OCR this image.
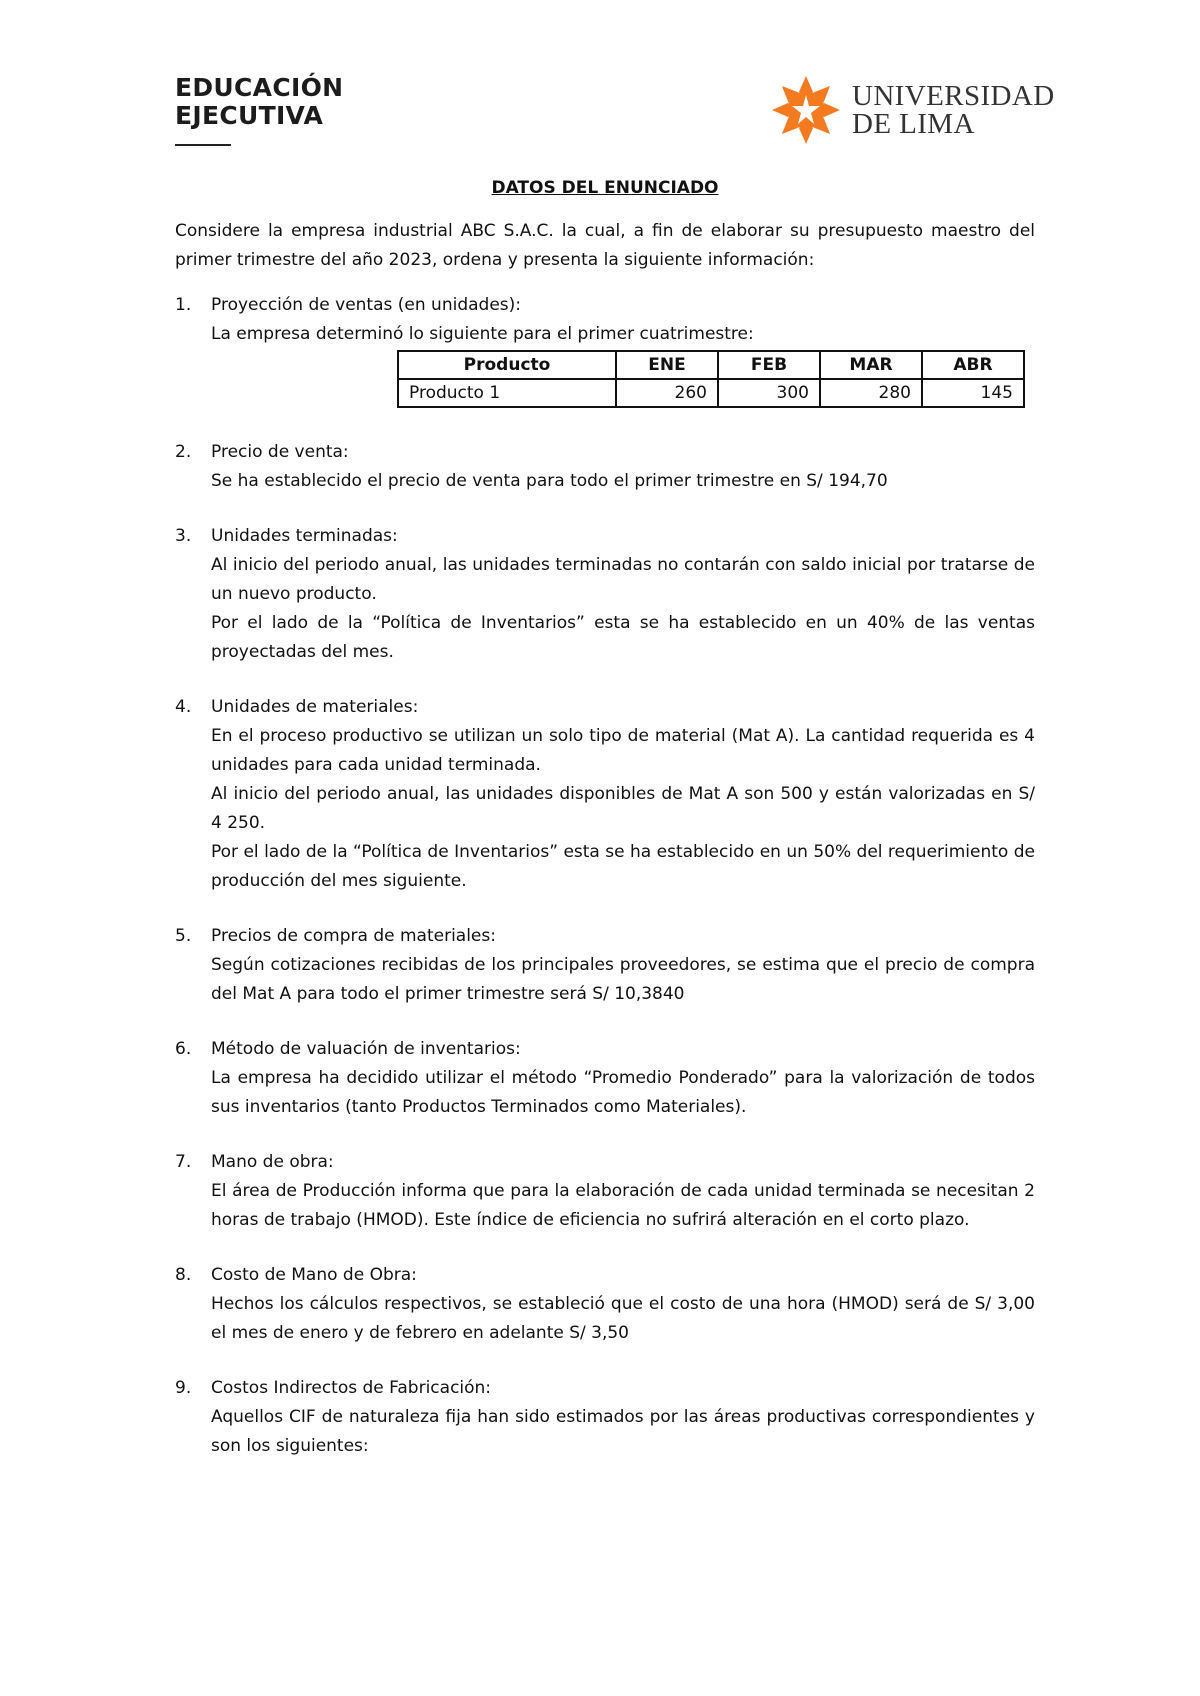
EDUCACIÓN
EJECUTIVA
UNIVERSIDAD
DE LIMA
DATOS DEL ENUNCIADO

Considere la empresa industrial ABC S.A.C. la cual, a fin de elaborar su presupuesto maestro del primer trimestre del año 2023, ordena y presenta la siguiente información:

1. Proyección de ventas (en unidades):

La empresa determinó lo siguiente para el primer cuatrimestre:

Producto	ENE	FEB	MAR	ABR
Producto 1	260	300	280	145
2. Precio de venta:

Se ha establecido el precio de venta para todo el primer trimestre en S/ 194,70

3. Unidades terminadas:

Al inicio del periodo anual, las unidades terminadas no contarán con saldo inicial por tratarse de un nuevo producto.

Por el lado de la “Política de Inventarios” esta se ha establecido en un 40% de las ventas proyectadas del mes.

4. Unidades de materiales:

En el proceso productivo se utilizan un solo tipo de material (Mat A). La cantidad requerida es 4 unidades para cada unidad terminada.

Al inicio del periodo anual, las unidades disponibles de Mat A son 500 y están valorizadas en S/ 4 250.

Por el lado de la “Política de Inventarios” esta se ha establecido en un 50% del requerimiento de producción del mes siguiente.

5. Precios de compra de materiales:

Según cotizaciones recibidas de los principales proveedores, se estima que el precio de compra del Mat A para todo el primer trimestre será S/ 10,3840

6. Método de valuación de inventarios:

La empresa ha decidido utilizar el método “Promedio Ponderado” para la valorización de todos sus inventarios (tanto Productos Terminados como Materiales).

7. Mano de obra:

El área de Producción informa que para la elaboración de cada unidad terminada se necesitan 2 horas de trabajo (HMOD). Este índice de eficiencia no sufrirá alteración en el corto plazo.

8. Costo de Mano de Obra:

Hechos los cálculos respectivos, se estableció que el costo de una hora (HMOD) será de S/ 3,00 el mes de enero y de febrero en adelante S/ 3,50

9. Costos Indirectos de Fabricación:

Aquellos CIF de naturaleza fija han sido estimados por las áreas productivas correspondientes y son los siguientes:
